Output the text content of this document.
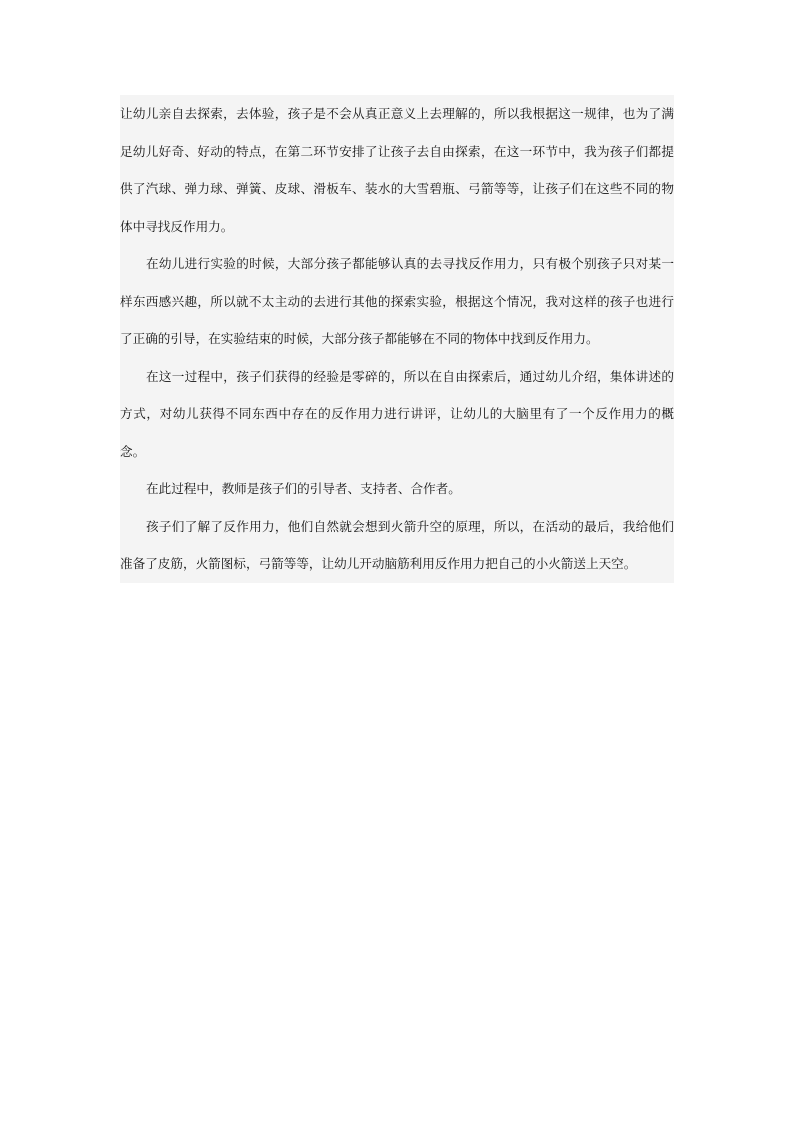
让幼儿亲自去探索，去体验，孩子是不会从真正意义上去理解的，所以我根据这一规律，也为了满足幼儿好奇、好动的特点，在第二环节安排了让孩子去自由探索，在这一环节中，我为孩子们都提供了汽球、弹力球、弹簧、皮球、滑板车、装水的大雪碧瓶、弓箭等等，让孩子们在这些不同的物体中寻找反作用力。

在幼儿进行实验的时候，大部分孩子都能够认真的去寻找反作用力，只有极个别孩子只对某一样东西感兴趣，所以就不太主动的去进行其他的探索实验，根据这个情况，我对这样的孩子也进行了正确的引导，在实验结束的时候，大部分孩子都能够在不同的物体中找到反作用力。

在这一过程中，孩子们获得的经验是零碎的，所以在自由探索后，通过幼儿介绍，集体讲述的方式，对幼儿获得不同东西中存在的反作用力进行讲评，让幼儿的大脑里有了一个反作用力的概念。

在此过程中，教师是孩子们的引导者、支持者、合作者。

孩子们了解了反作用力，他们自然就会想到火箭升空的原理，所以，在活动的最后，我给他们准备了皮筋，火箭图标，弓箭等等，让幼儿开动脑筋利用反作用力把自己的小火箭送上天空。
